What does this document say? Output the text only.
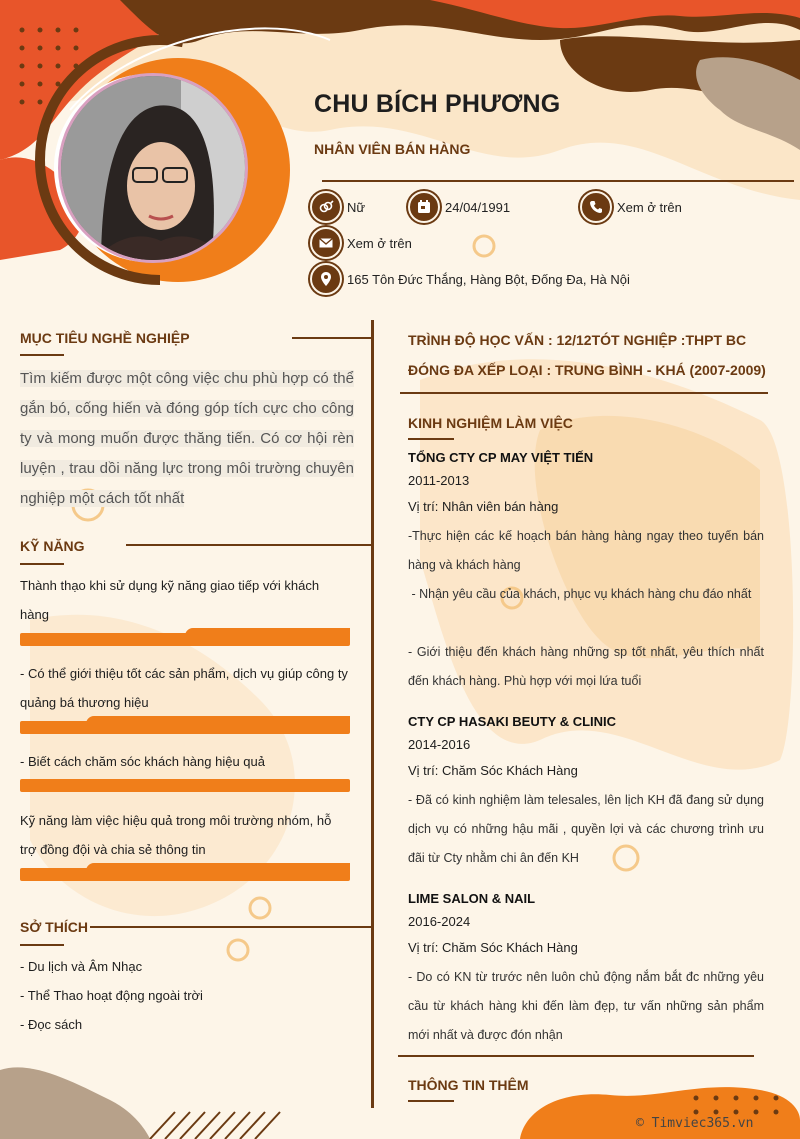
CHU BÍCH PHƯƠNG
NHÂN VIÊN BÁN HÀNG
Nữ	24/04/1991	Xem ở trên
Xem ở trên
165 Tôn Đức Thắng, Hàng Bột, Đống Đa, Hà Nội
MỤC TIÊU NGHỀ NGHIỆP
Tìm kiếm được một công việc chu phù hợp có thể gắn bó, cống hiến và đóng góp tích cực cho công ty và mong muốn được thăng tiến. Có cơ hội rèn luyện , trau dồi năng lực trong môi trường chuyên nghiệp một cách tốt nhất
KỸ NĂNG
Thành thạo khi sử dụng kỹ năng giao tiếp với khách hàng
- Có thể giới thiệu tốt các sản phẩm, dịch vụ giúp công ty quảng bá thương hiệu
- Biết cách chăm sóc khách hàng hiệu quả
Kỹ năng làm việc hiệu quả trong môi trường nhóm, hỗ trợ đồng đội và chia sẻ thông tin
SỞ THÍCH
- Du lịch và Âm Nhạc
- Thể Thao hoạt động ngoài trời
- Đọc sách
TRÌNH ĐỘ HỌC VẤN : 12/12TÓT NGHIỆP :THPT BC
ĐÓNG ĐA XẾP LOẠI : TRUNG BÌNH - KHÁ (2007-2009)
KINH NGHIỆM LÀM VIỆC
TỔNG CTY CP MAY VIỆT TIẾN
2011-2013
Vị trí: Nhân viên bán hàng
-Thực hiện các kế hoạch bán hàng hàng ngay theo tuyến bán hàng và khách hàng
- Nhận yêu cầu của khách, phục vụ khách hàng chu đáo nhất
- Giới thiệu đến khách hàng những sp tốt nhất, yêu thích nhất đến khách hàng. Phù hợp với mọi lứa tuổi
CTY CP HASAKI BEUTY & CLINIC
2014-2016
Vị trí: Chăm Sóc Khách Hàng
- Đã có kinh nghiệm làm telesales, lên lịch KH đã đang sử dụng dịch vụ có những hậu mãi , quyền lợi và các chương trình ưu đãi từ Cty nhằm chi ân đến KH
LIME SALON & NAIL
2016-2024
Vị trí: Chăm Sóc Khách Hàng
- Do có KN từ trước nên luôn chủ động nắm bắt đc những yêu cầu từ khách hàng khi đến làm đẹp, tư vấn những sản phẩm mới nhất và được đón nhận
THÔNG TIN THÊM
© Timviec365.vn
